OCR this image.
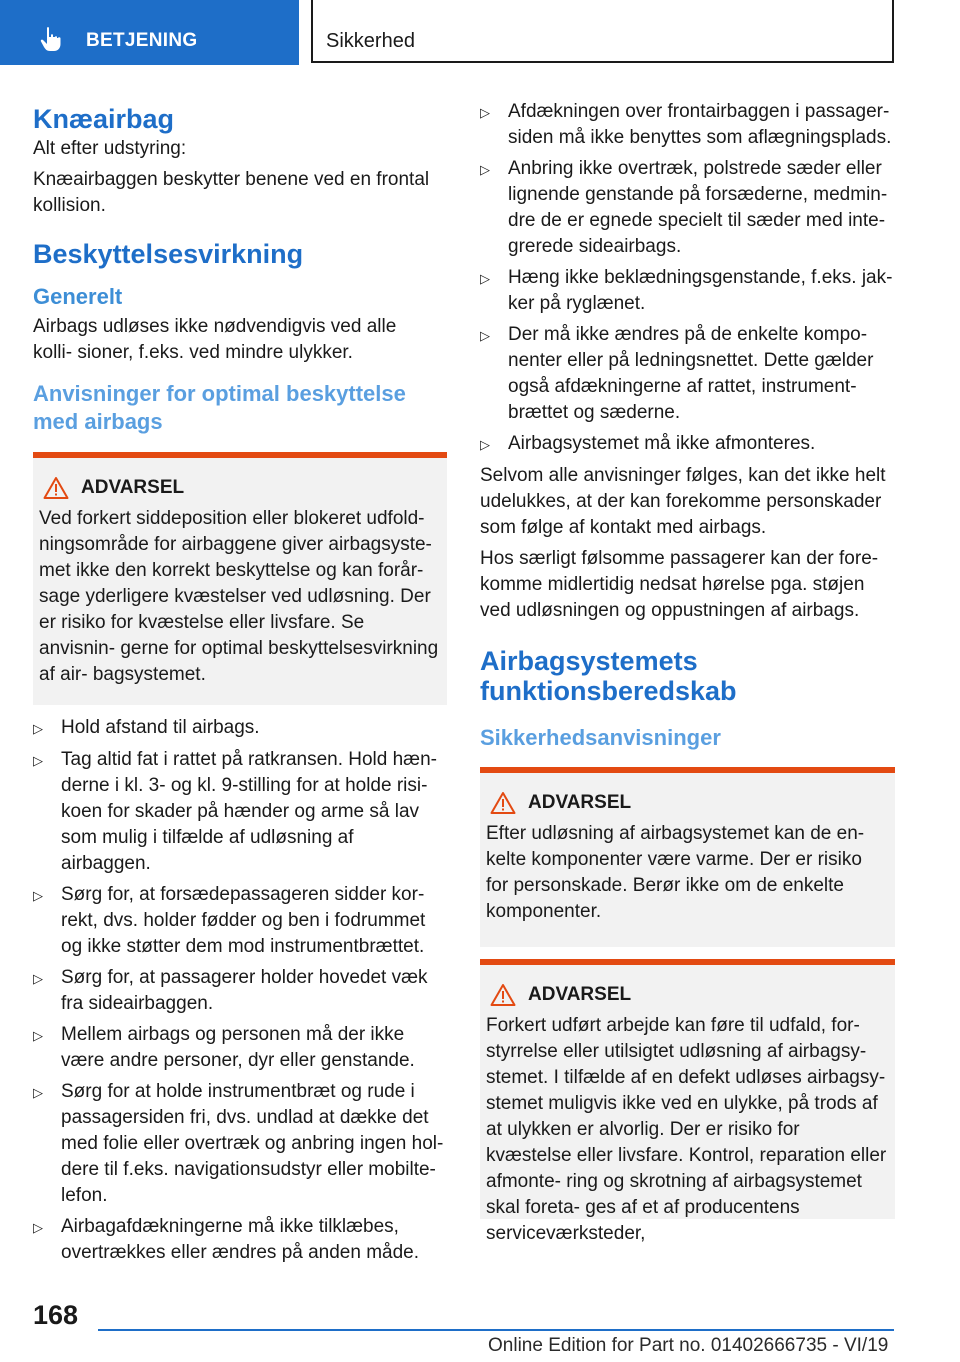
BETJENING	Sikkerhed
Knæairbag

Alt efter udstyring:

Knæairbaggen beskytter benene ved en frontal kollision.

Beskyttelsesvirkning
Generelt

Airbags udløses ikke nødvendigvis ved alle kolli- sioner, f.eks. ved mindre ulykker.

Anvisninger for optimal beskyttelse med airbags
ADVARSEL

Ved forkert siddeposition eller blokeret udfold- ningsområde for airbaggene giver airbagsyste- met ikke den korrekt beskyttelse og kan forår- sage yderligere kvæstelser ved udløsning. Der er risiko for kvæstelse eller livsfare. Se anvisnin- gerne for optimal beskyttelsesvirkning af air- bagsystemet.

▷ Hold afstand til airbags.
▷ Tag altid fat i rattet på ratkransen. Hold hæn- derne i kl. 3- og kl. 9-stilling for at holde risi- koen for skader på hænder og arme så lav som mulig i tilfælde af udløsning af airbaggen.
▷ Sørg for, at forsædepassageren sidder kor- rekt, dvs. holder fødder og ben i fodrummet og ikke støtter dem mod instrumentbrættet.
▷ Sørg for, at passagerer holder hovedet væk fra sideairbaggen.
▷ Mellem airbags og personen må der ikke være andre personer, dyr eller genstande.
▷ Sørg for at holde instrumentbræt og rude i passagersiden fri, dvs. undlad at dække det med folie eller overtræk og anbring ingen hol- dere til f.eks. navigationsudstyr eller mobilte- lefon.
▷ Airbagafdækningerne må ikke tilklæbes, overtrækkes eller ændres på anden måde.
▷ Afdækningen over frontairbaggen i passager- siden må ikke benyttes som aflægningsplads.
▷ Anbring ikke overtræk, polstrede sæder eller lignende genstande på forsæderne, medmin- dre de er egnede specielt til sæder med inte- grerede sideairbags.
▷ Hæng ikke beklædningsgenstande, f.eks. jak- ker på ryglænet.
▷ Der må ikke ændres på de enkelte kompo- nenter eller på ledningsnettet. Dette gælder også afdækningerne af rattet, instrument- brættet og sæderne.
▷ Airbagsystemet må ikke afmonteres.

Selvom alle anvisninger følges, kan det ikke helt udelukkes, at der kan forekomme personskader som følge af kontakt med airbags.

Hos særligt følsomme passagerer kan der fore- komme midlertidig nedsat hørelse pga. støjen ved udløsningen og oppustningen af airbags.

Airbagsystemets funktionsberedskab
Sikkerhedsanvisninger
ADVARSEL

Efter udløsning af airbagsystemet kan de en- kelte komponenter være varme. Der er risiko for personskade. Berør ikke om de enkelte komponenter.

ADVARSEL

Forkert udført arbejde kan føre til udfald, for- styrrelse eller utilsigtet udløsning af airbagsy- stemet. I tilfælde af en defekt udløses airbagsy- stemet muligvis ikke ved en ulykke, på trods af at ulykken er alvorlig. Der er risiko for kvæstelse eller livsfare. Kontrol, reparation eller afmonte- ring og skrotning af airbagsystemet skal foreta- ges af et af producentens serviceværksteder,

168
Online Edition for Part no. 01402666735 - VI/19
